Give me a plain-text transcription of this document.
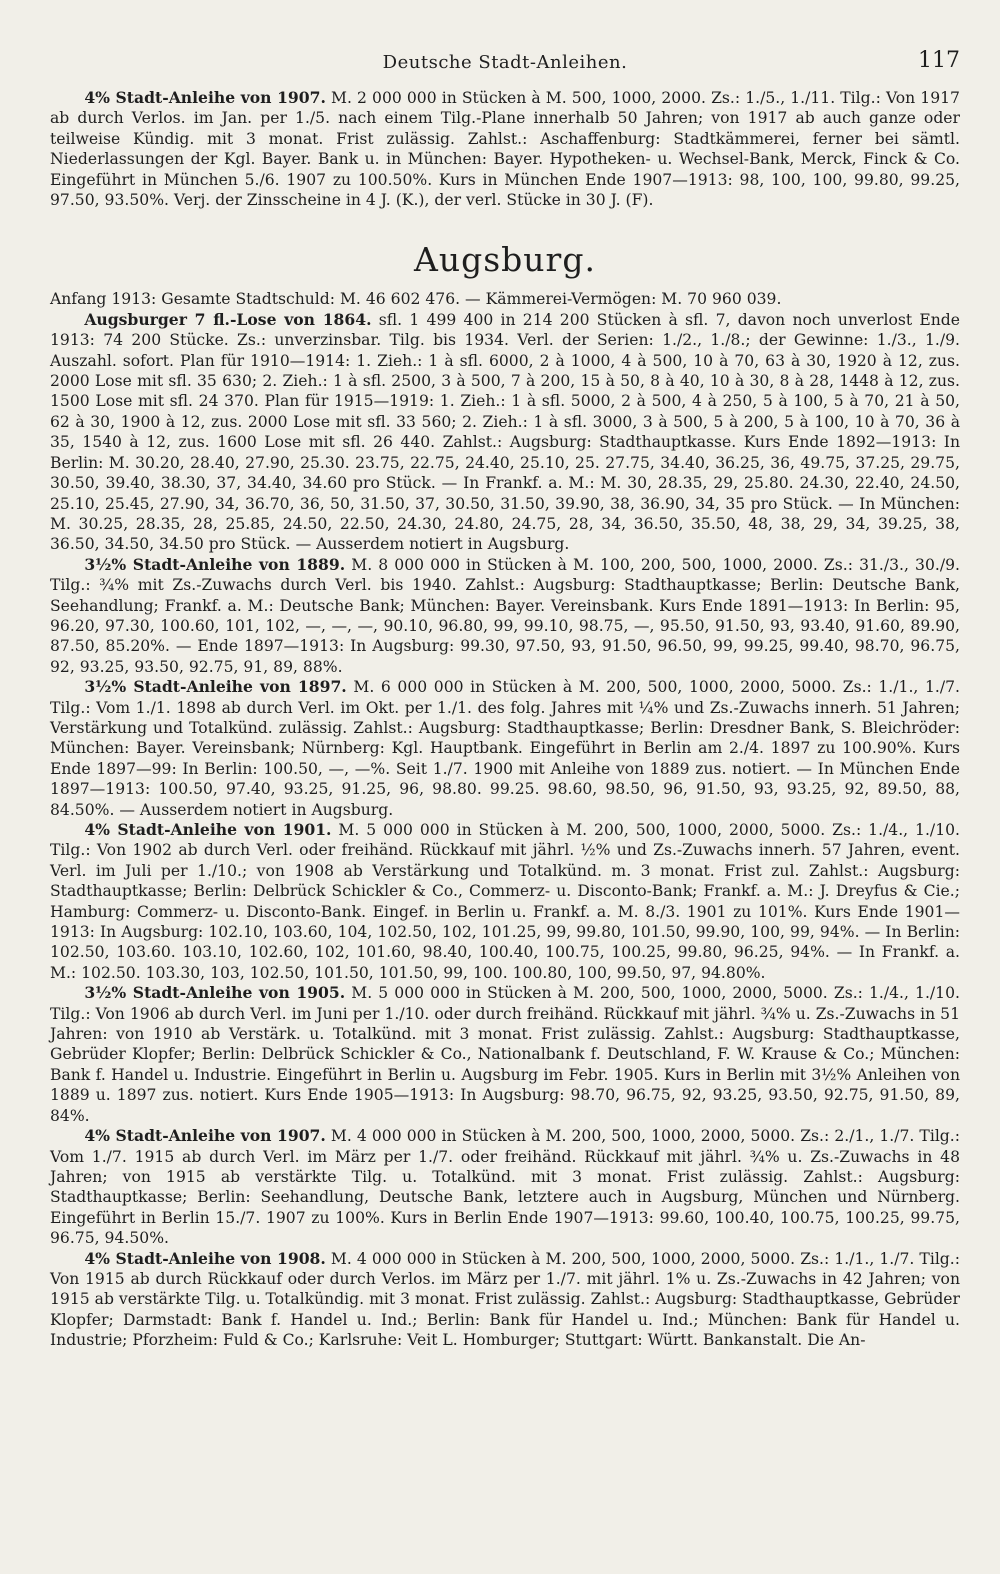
Deutsche Stadt-Anleihen.	117

4% Stadt-Anleihe von 1907. M. 2 000 000 in Stücken à M. 500, 1000, 2000. Zs.: 1./5., 1./11. Tilg.: Von 1917 ab durch Verlos. im Jan. per 1./5. nach einem Tilg.-Plane innerhalb 50 Jahren; von 1917 ab auch ganze oder teilweise Kündig. mit 3 monat. Frist zulässig. Zahlst.: Aschaffenburg: Stadtkämmerei, ferner bei sämtl. Niederlassungen der Kgl. Bayer. Bank u. in München: Bayer. Hypotheken- u. Wechsel-Bank, Merck, Finck & Co. Eingeführt in München 5./6. 1907 zu 100.50%. Kurs in München Ende 1907—1913: 98, 100, 100, 99.80, 99.25, 97.50, 93.50%. Verj. der Zinsscheine in 4 J. (K.), der verl. Stücke in 30 J. (F).

Augsburg.

Anfang 1913: Gesamte Stadtschuld: M. 46 602 476. — Kämmerei-Vermögen: M. 70 960 039.

Augsburger 7 fl.-Lose von 1864. sfl. 1 499 400 in 214 200 Stücken à sfl. 7, davon noch unverlost Ende 1913: 74 200 Stücke. Zs.: unverzinsbar. Tilg. bis 1934. Verl. der Serien: 1./2., 1./8.; der Gewinne: 1./3., 1./9. Auszahl. sofort. Plan für 1910—1914: 1. Zieh.: 1 à sfl. 6000, 2 à 1000, 4 à 500, 10 à 70, 63 à 30, 1920 à 12, zus. 2000 Lose mit sfl. 35 630; 2. Zieh.: 1 à sfl. 2500, 3 à 500, 7 à 200, 15 à 50, 8 à 40, 10 à 30, 8 à 28, 1448 à 12, zus. 1500 Lose mit sfl. 24 370. Plan für 1915—1919: 1. Zieh.: 1 à sfl. 5000, 2 à 500, 4 à 250, 5 à 100, 5 à 70, 21 à 50, 62 à 30, 1900 à 12, zus. 2000 Lose mit sfl. 33 560; 2. Zieh.: 1 à sfl. 3000, 3 à 500, 5 à 200, 5 à 100, 10 à 70, 36 à 35, 1540 à 12, zus. 1600 Lose mit sfl. 26 440. Zahlst.: Augsburg: Stadthauptkasse. Kurs Ende 1892—1913: In Berlin: M. 30.20, 28.40, 27.90, 25.30. 23.75, 22.75, 24.40, 25.10, 25. 27.75, 34.40, 36.25, 36, 49.75, 37.25, 29.75, 30.50, 39.40, 38.30, 37, 34.40, 34.60 pro Stück. — In Frankf. a. M.: M. 30, 28.35, 29, 25.80. 24.30, 22.40, 24.50, 25.10, 25.45, 27.90, 34, 36.70, 36, 50, 31.50, 37, 30.50, 31.50, 39.90, 38, 36.90, 34, 35 pro Stück. — In München: M. 30.25, 28.35, 28, 25.85, 24.50, 22.50, 24.30, 24.80, 24.75, 28, 34, 36.50, 35.50, 48, 38, 29, 34, 39.25, 38, 36.50, 34.50, 34.50 pro Stück. — Ausserdem notiert in Augsburg.

3½% Stadt-Anleihe von 1889. M. 8 000 000 in Stücken à M. 100, 200, 500, 1000, 2000. Zs.: 31./3., 30./9. Tilg.: ¾% mit Zs.-Zuwachs durch Verl. bis 1940. Zahlst.: Augsburg: Stadthauptkasse; Berlin: Deutsche Bank, Seehandlung; Frankf. a. M.: Deutsche Bank; München: Bayer. Vereinsbank. Kurs Ende 1891—1913: In Berlin: 95, 96.20, 97.30, 100.60, 101, 102, —, —, —, 90.10, 96.80, 99, 99.10, 98.75, —, 95.50, 91.50, 93, 93.40, 91.60, 89.90, 87.50, 85.20%. — Ende 1897—1913: In Augsburg: 99.30, 97.50, 93, 91.50, 96.50, 99, 99.25, 99.40, 98.70, 96.75, 92, 93.25, 93.50, 92.75, 91, 89, 88%.

3½% Stadt-Anleihe von 1897. M. 6 000 000 in Stücken à M. 200, 500, 1000, 2000, 5000. Zs.: 1./1., 1./7. Tilg.: Vom 1./1. 1898 ab durch Verl. im Okt. per 1./1. des folg. Jahres mit ¼% und Zs.-Zuwachs innerh. 51 Jahren; Verstärkung und Totalkünd. zulässig. Zahlst.: Augsburg: Stadthauptkasse; Berlin: Dresdner Bank, S. Bleichröder: München: Bayer. Vereinsbank; Nürnberg: Kgl. Hauptbank. Eingeführt in Berlin am 2./4. 1897 zu 100.90%. Kurs Ende 1897—99: In Berlin: 100.50, —, —%. Seit 1./7. 1900 mit Anleihe von 1889 zus. notiert. — In München Ende 1897—1913: 100.50, 97.40, 93.25, 91.25, 96, 98.80. 99.25. 98.60, 98.50, 96, 91.50, 93, 93.25, 92, 89.50, 88, 84.50%. — Ausserdem notiert in Augsburg.

4% Stadt-Anleihe von 1901. M. 5 000 000 in Stücken à M. 200, 500, 1000, 2000, 5000. Zs.: 1./4., 1./10. Tilg.: Von 1902 ab durch Verl. oder freihänd. Rückkauf mit jährl. ½% und Zs.-Zuwachs innerh. 57 Jahren, event. Verl. im Juli per 1./10.; von 1908 ab Verstärkung und Totalkünd. m. 3 monat. Frist zul. Zahlst.: Augsburg: Stadthauptkasse; Berlin: Delbrück Schickler & Co., Commerz- u. Disconto-Bank; Frankf. a. M.: J. Dreyfus & Cie.; Hamburg: Commerz- u. Disconto-Bank. Eingef. in Berlin u. Frankf. a. M. 8./3. 1901 zu 101%. Kurs Ende 1901—1913: In Augsburg: 102.10, 103.60, 104, 102.50, 102, 101.25, 99, 99.80, 101.50, 99.90, 100, 99, 94%. — In Berlin: 102.50, 103.60. 103.10, 102.60, 102, 101.60, 98.40, 100.40, 100.75, 100.25, 99.80, 96.25, 94%. — In Frankf. a. M.: 102.50. 103.30, 103, 102.50, 101.50, 101.50, 99, 100. 100.80, 100, 99.50, 97, 94.80%.

3½% Stadt-Anleihe von 1905. M. 5 000 000 in Stücken à M. 200, 500, 1000, 2000, 5000. Zs.: 1./4., 1./10. Tilg.: Von 1906 ab durch Verl. im Juni per 1./10. oder durch freihänd. Rückkauf mit jährl. ¾% u. Zs.-Zuwachs in 51 Jahren: von 1910 ab Verstärk. u. Totalkünd. mit 3 monat. Frist zulässig. Zahlst.: Augsburg: Stadthauptkasse, Gebrüder Klopfer; Berlin: Delbrück Schickler & Co., Nationalbank f. Deutschland, F. W. Krause & Co.; München: Bank f. Handel u. Industrie. Eingeführt in Berlin u. Augsburg im Febr. 1905. Kurs in Berlin mit 3½% Anleihen von 1889 u. 1897 zus. notiert. Kurs Ende 1905—1913: In Augsburg: 98.70, 96.75, 92, 93.25, 93.50, 92.75, 91.50, 89, 84%.

4% Stadt-Anleihe von 1907. M. 4 000 000 in Stücken à M. 200, 500, 1000, 2000, 5000. Zs.: 2./1., 1./7. Tilg.: Vom 1./7. 1915 ab durch Verl. im März per 1./7. oder freihänd. Rückkauf mit jährl. ¾% u. Zs.-Zuwachs in 48 Jahren; von 1915 ab verstärkte Tilg. u. Totalkünd. mit 3 monat. Frist zulässig. Zahlst.: Augsburg: Stadthauptkasse; Berlin: Seehandlung, Deutsche Bank, letztere auch in Augsburg, München und Nürnberg. Eingeführt in Berlin 15./7. 1907 zu 100%. Kurs in Berlin Ende 1907—1913: 99.60, 100.40, 100.75, 100.25, 99.75, 96.75, 94.50%.

4% Stadt-Anleihe von 1908. M. 4 000 000 in Stücken à M. 200, 500, 1000, 2000, 5000. Zs.: 1./1., 1./7. Tilg.: Von 1915 ab durch Rückkauf oder durch Verlos. im März per 1./7. mit jährl. 1% u. Zs.-Zuwachs in 42 Jahren; von 1915 ab verstärkte Tilg. u. Totalkündig. mit 3 monat. Frist zulässig. Zahlst.: Augsburg: Stadthauptkasse, Gebrüder Klopfer; Darmstadt: Bank f. Handel u. Ind.; Berlin: Bank für Handel u. Ind.; München: Bank für Handel u. Industrie; Pforzheim: Fuld & Co.; Karlsruhe: Veit L. Homburger; Stuttgart: Württ. Bankanstalt. Die An-
